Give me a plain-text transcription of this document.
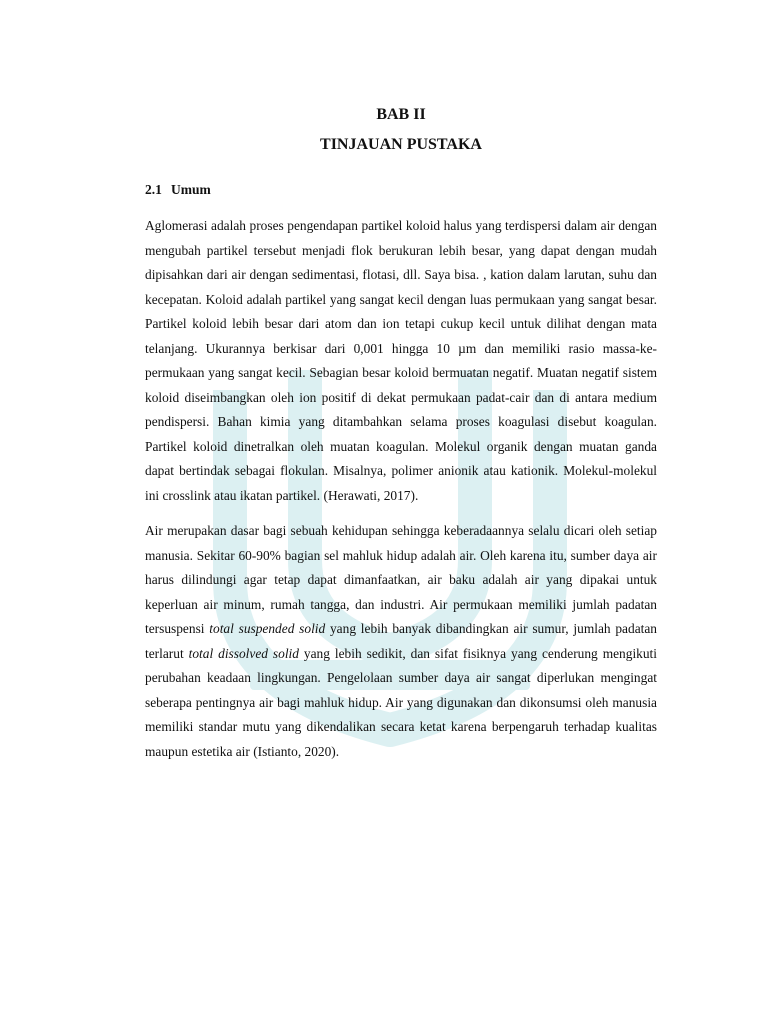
BAB II

TINJAUAN PUSTAKA

2.1 Umum

Aglomerasi adalah proses pengendapan partikel koloid halus yang terdispersi dalam air dengan mengubah partikel tersebut menjadi flok berukuran lebih besar, yang dapat dengan mudah dipisahkan dari air dengan sedimentasi, flotasi, dll. Saya bisa. , kation dalam larutan, suhu dan kecepatan. Koloid adalah partikel yang sangat kecil dengan luas permukaan yang sangat besar. Partikel koloid lebih besar dari atom dan ion tetapi cukup kecil untuk dilihat dengan mata telanjang. Ukurannya berkisar dari 0,001 hingga 10 µm dan memiliki rasio massa-ke-permukaan yang sangat kecil. Sebagian besar koloid bermuatan negatif. Muatan negatif sistem koloid diseimbangkan oleh ion positif di dekat permukaan padat-cair dan di antara medium pendispersi. Bahan kimia yang ditambahkan selama proses koagulasi disebut koagulan. Partikel koloid dinetralkan oleh muatan koagulan. Molekul organik dengan muatan ganda dapat bertindak sebagai flokulan. Misalnya, polimer anionik atau kationik. Molekul-molekul ini crosslink atau ikatan partikel. (Herawati, 2017).

Air merupakan dasar bagi sebuah kehidupan sehingga keberadaannya selalu dicari oleh setiap manusia. Sekitar 60-90% bagian sel mahluk hidup adalah air. Oleh karena itu, sumber daya air harus dilindungi agar tetap dapat dimanfaatkan, air baku adalah air yang dipakai untuk keperluan air minum, rumah tangga, dan industri. Air permukaan memiliki jumlah padatan tersuspensi total suspended solid yang lebih banyak dibandingkan air sumur, jumlah padatan terlarut total dissolved solid yang lebih sedikit, dan sifat fisiknya yang cenderung mengikuti perubahan keadaan lingkungan. Pengelolaan sumber daya air sangat diperlukan mengingat seberapa pentingnya air bagi mahluk hidup. Air yang digunakan dan dikonsumsi oleh manusia memiliki standar mutu yang dikendalikan secara ketat karena berpengaruh terhadap kualitas maupun estetika air (Istianto, 2020).
